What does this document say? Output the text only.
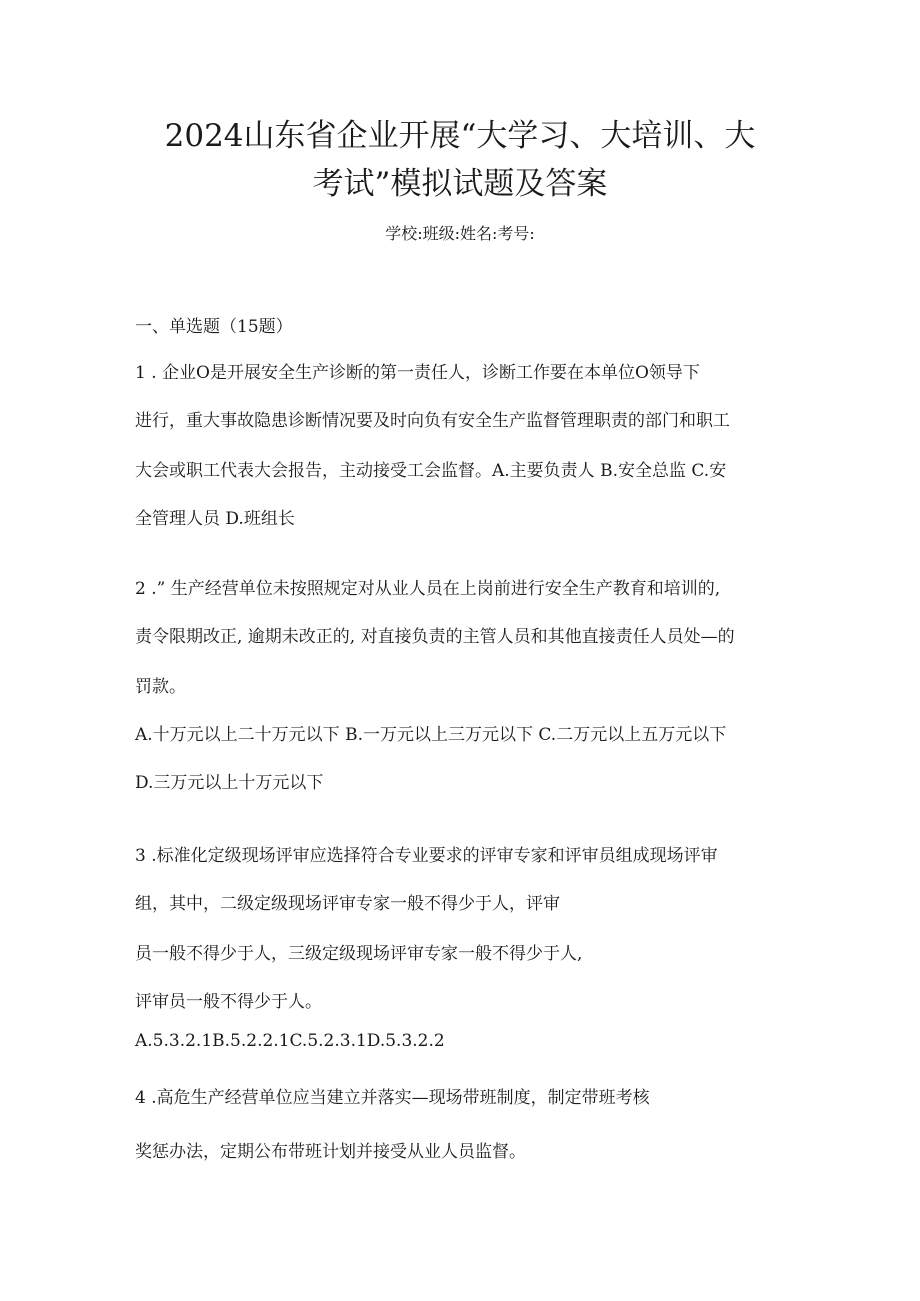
2024山东省企业开展“大学习、大培训、大
考试”模拟试题及答案
学校:班级:姓名:考号:
一、单选题（15题）
1 . 企业O是开展安全生产诊断的第一责任人，诊断工作要在本单位O领导下
进行，重大事故隐患诊断情况要及时向负有安全生产监督管理职责的部门和职工
大会或职工代表大会报告，主动接受工会监督。A.主要负责人 B.安全总监 C.安
全管理人员 D.班组长
2 .” 生产经营单位未按照规定对从业人员在上岗前进行安全生产教育和培训的,
责令限期改正, 逾期未改正的, 对直接负责的主管人员和其他直接责任人员处—的
罚款。
A.十万元以上二十万元以下 B.一万元以上三万元以下 C.二万元以上五万元以下
D.三万元以上十万元以下
3 .标准化定级现场评审应选择符合专业要求的评审专家和评审员组成现场评审
组，其中，二级定级现场评审专家一般不得少于人，评审
员一般不得少于人，三级定级现场评审专家一般不得少于人,
评审员一般不得少于人。
A.5.3.2.1B.5.2.2.1C.5.2.3.1D.5.3.2.2
4 .高危生产经营单位应当建立并落实—现场带班制度，制定带班考核
奖惩办法，定期公布带班计划并接受从业人员监督。
